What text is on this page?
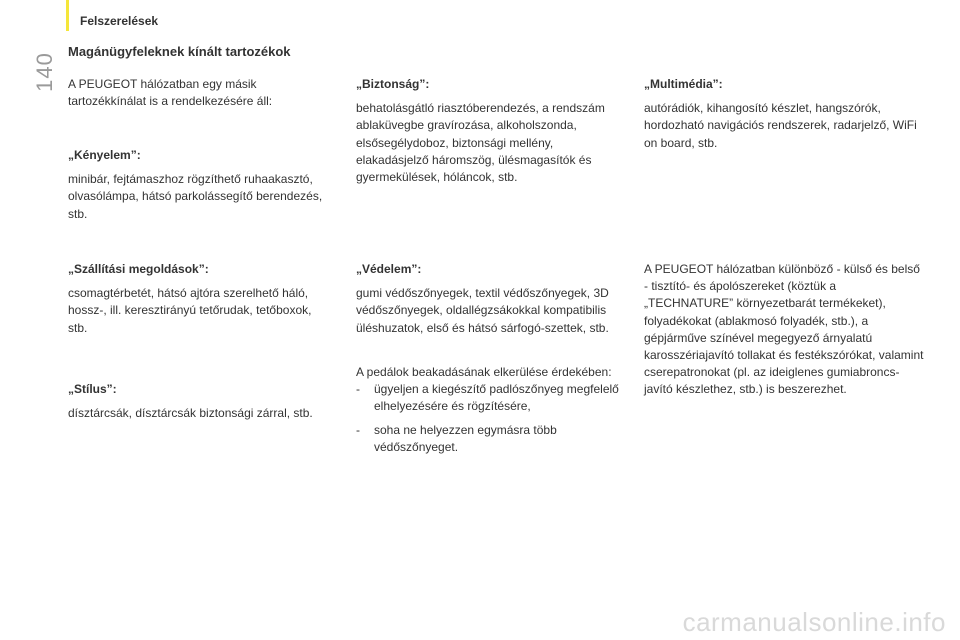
Felszerelések
140
Magánügyfeleknek kínált tartozékok
A PEUGEOT hálózatban egy másik tartozékkínálat is a rendelkezésére áll:
„Kényelem”:
minibár, fejtámaszhoz rögzíthető ruhaakasztó, olvasólámpa, hátsó parkolássegítő berendezés, stb.
„Szállítási megoldások”:
csomagtérbetét, hátsó ajtóra szerelhető háló, hossz-, ill. keresztirányú tetőrudak, tetőboxok, stb.
„Stílus”:
dísztárcsák, dísztárcsák biztonsági zárral, stb.
„Biztonság”:
behatolásgátló riasztóberendezés, a rendszám ablaküvegbe gravírozása, alkoholszonda, elsősegélydoboz, biztonsági mellény, elakadásjelző háromszög, ülésmagasítók és gyermekülések, hóláncok, stb.
„Védelem”:
gumi védőszőnyegek, textil védőszőnyegek, 3D védőszőnyegek, oldallégzsákokkal kompatibilis üléshuzatok, első és hátsó sárfogó-szettek, stb.
A pedálok beakadásának elkerülése érdekében:
- ügyeljen a kiegészítő padlószőnyeg megfelelő elhelyezésére és rögzítésére,
- soha ne helyezzen egymásra több védőszőnyeget.
„Multimédia”:
autórádiók, kihangosító készlet, hangszórók, hordozható navigációs rendszerek, radarjelző, WiFi on board, stb.
A PEUGEOT hálózatban különböző - külső és belső - tisztító- és ápolószereket (köztük a „TECHNATURE” környezetbarát termékeket), folyadékokat (ablakmosó folyadék, stb.), a gépjárműve színével megegyező árnyalatú karosszériajavító tollakat és festékszórókat, valamint cserepatronokat (pl. az ideiglenes gumiabroncs-javító készlethez, stb.) is beszerezhet.
carmanualsonline.info
